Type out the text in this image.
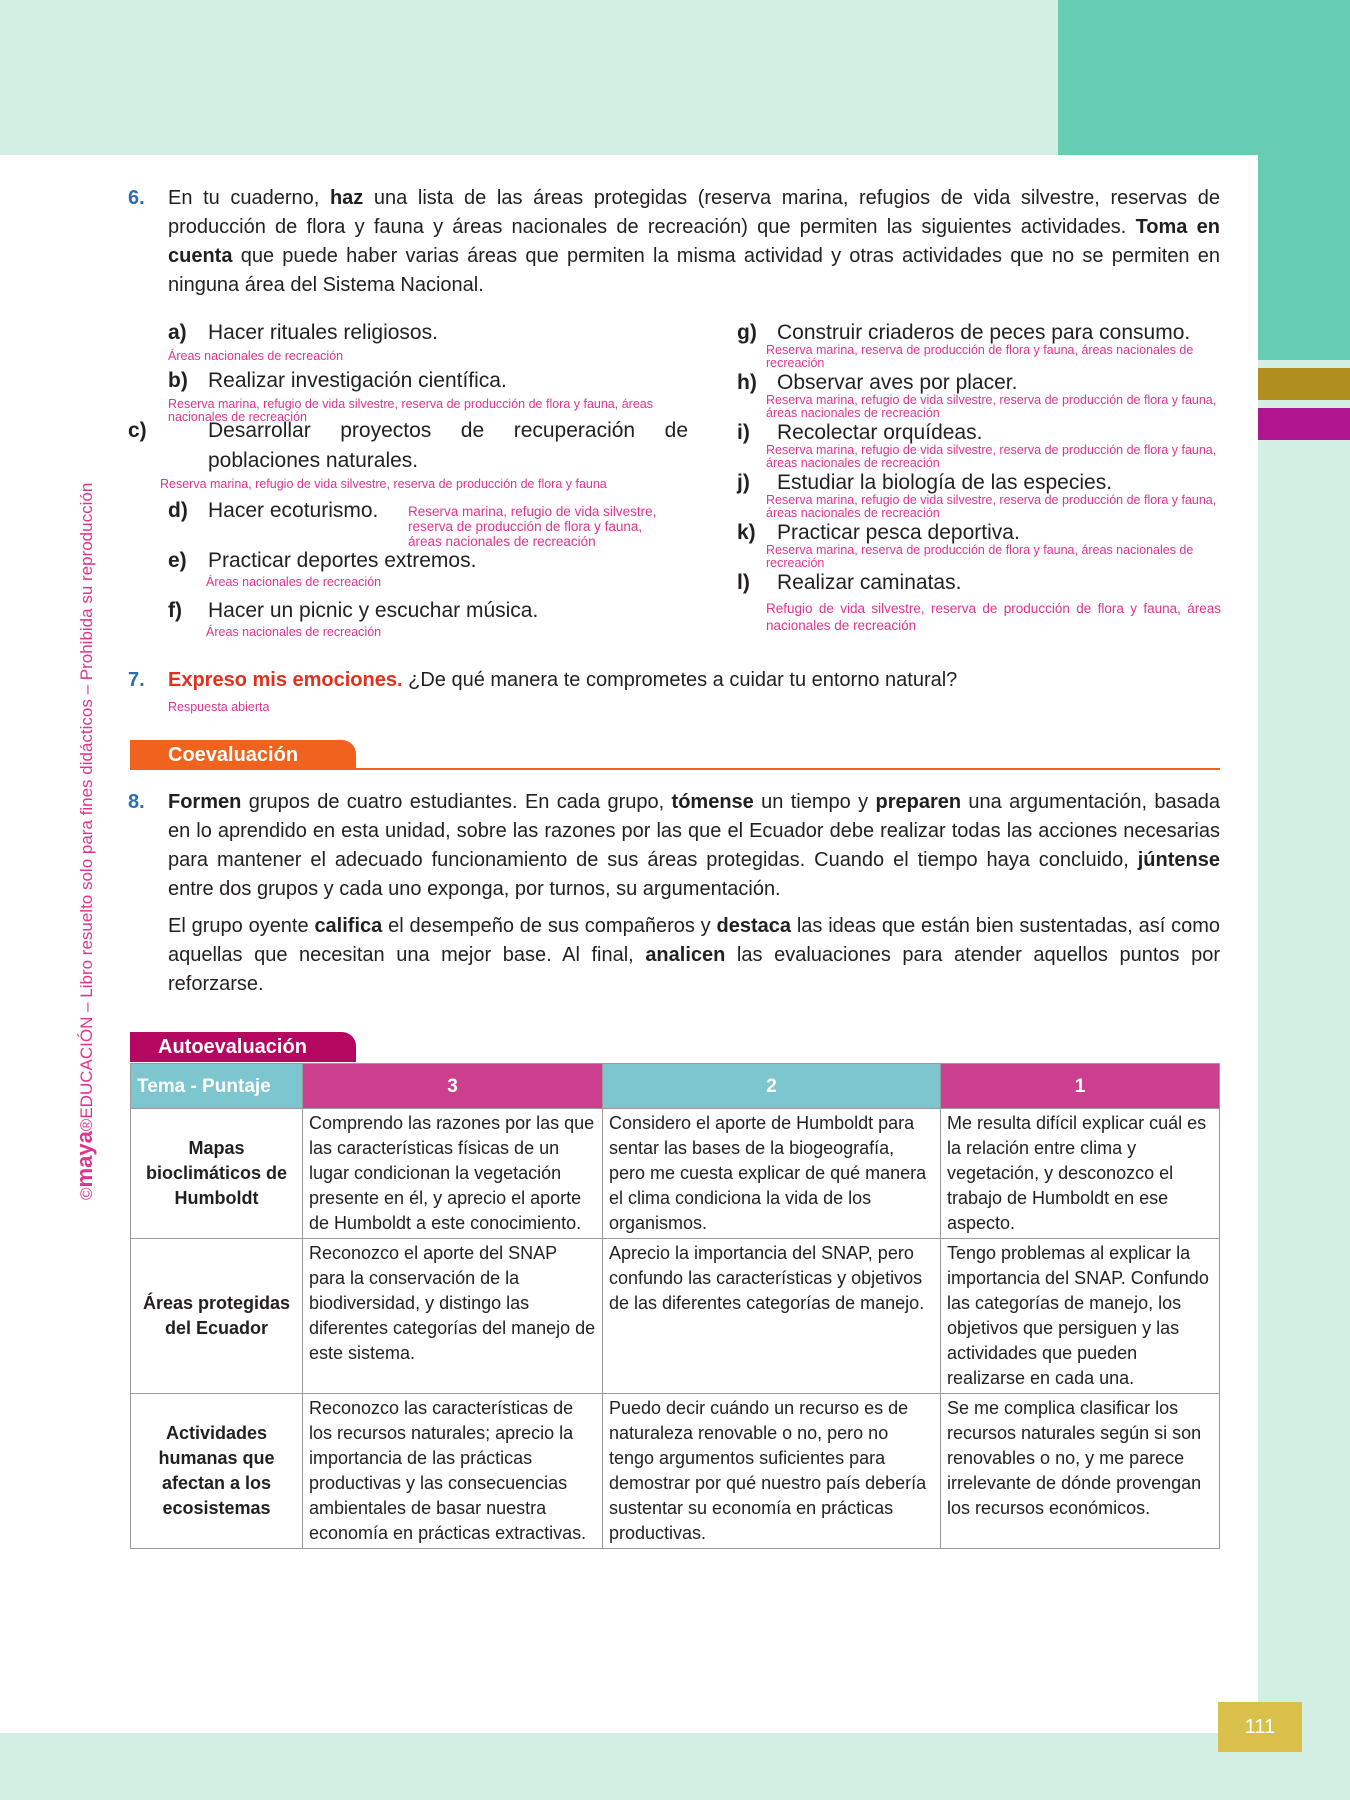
111
©maya®EDUCACIÓN – Libro resuelto solo para fines didácticos – Prohibida su reproducción
6. En tu cuaderno, haz una lista de las áreas protegidas (reserva marina, refugios de vida silvestre, reservas de producción de flora y fauna y áreas nacionales de recreación) que permiten las siguientes actividades. Toma en cuenta que puede haber varias áreas que permiten la misma actividad y otras actividades que no se permiten en ninguna área del Sistema Nacional.
a) Hacer rituales religiosos.
Áreas nacionales de recreación
b) Realizar investigación científica.
Reserva marina, refugio de vida silvestre, reserva de producción de flora y fauna, áreas nacionales de recreación
c)	Desarrollar proyectos de recuperación de poblaciones naturales.
Reserva marina, refugio de vida silvestre, reserva de producción de flora y fauna
d) Hacer ecoturismo. Reserva marina, refugio de vida silvestre, reserva de producción de flora y fauna, áreas nacionales de recreación
e) Practicar deportes extremos.
Áreas nacionales de recreación
f) Hacer un picnic y escuchar música.
Áreas nacionales de recreación
g) Construir criaderos de peces para consumo.
Reserva marina, reserva de producción de flora y fauna, áreas nacionales de recreación
h) Observar aves por placer.
Reserva marina, refugio de vida silvestre, reserva de producción de flora y fauna, áreas nacionales de recreación
i) Recolectar orquídeas.
Reserva marina, refugio de vida silvestre, reserva de producción de flora y fauna, áreas nacionales de recreación
j) Estudiar la biología de las especies.
Reserva marina, refugio de vida silvestre, reserva de producción de flora y fauna, áreas nacionales de recreación
k) Practicar pesca deportiva.
Reserva marina, reserva de producción de flora y fauna, áreas nacionales de recreación
l) Realizar caminatas.
Refugio de vida silvestre, reserva de producción de flora y fauna, áreas nacionales de recreación
7. Expreso mis emociones. ¿De qué manera te comprometes a cuidar tu entorno natural?
Respuesta abierta
Coevaluación
8. Formen grupos de cuatro estudiantes. En cada grupo, tómense un tiempo y preparen una argumentación, basada en lo aprendido en esta unidad, sobre las razones por las que el Ecuador debe realizar todas las acciones necesarias para mantener el adecuado funcionamiento de sus áreas protegidas. Cuando el tiempo haya concluido, júntense entre dos grupos y cada uno exponga, por turnos, su argumentación.
El grupo oyente califica el desempeño de sus compañeros y destaca las ideas que están bien sustentadas, así como aquellas que necesitan una mejor base. Al final, analicen las evaluaciones para atender aquellos puntos por reforzarse.
Autoevaluación
Tema - Puntaje	3	2	1
Mapas bioclimáticos de Humboldt	Comprendo las razones por las que las características físicas de un lugar condicionan la vegetación presente en él, y aprecio el aporte de Humboldt a este conocimiento.	Considero el aporte de Humboldt para sentar las bases de la biogeografía, pero me cuesta explicar de qué manera el clima condiciona la vida de los organismos.	Me resulta difícil explicar cuál es la relación entre clima y vegetación, y desconozco el trabajo de Humboldt en ese aspecto.
Áreas protegidas del Ecuador	Reconozco el aporte del SNAP para la conservación de la biodiversidad, y distingo las diferentes categorías del manejo de este sistema.	Aprecio la importancia del SNAP, pero confundo las características y objetivos de las diferentes categorías de manejo.	Tengo problemas al explicar la importancia del SNAP. Confundo las categorías de manejo, los objetivos que persiguen y las actividades que pueden realizarse en cada una.
Actividades humanas que afectan a los ecosistemas	Reconozco las características de los recursos naturales; aprecio la importancia de las prácticas productivas y las consecuencias ambientales de basar nuestra economía en prácticas extractivas.	Puedo decir cuándo un recurso es de naturaleza renovable o no, pero no tengo argumentos suficientes para demostrar por qué nuestro país debería sustentar su economía en prácticas productivas.	Se me complica clasificar los recursos naturales según si son renovables o no, y me parece irrelevante de dónde provengan los recursos económicos.
